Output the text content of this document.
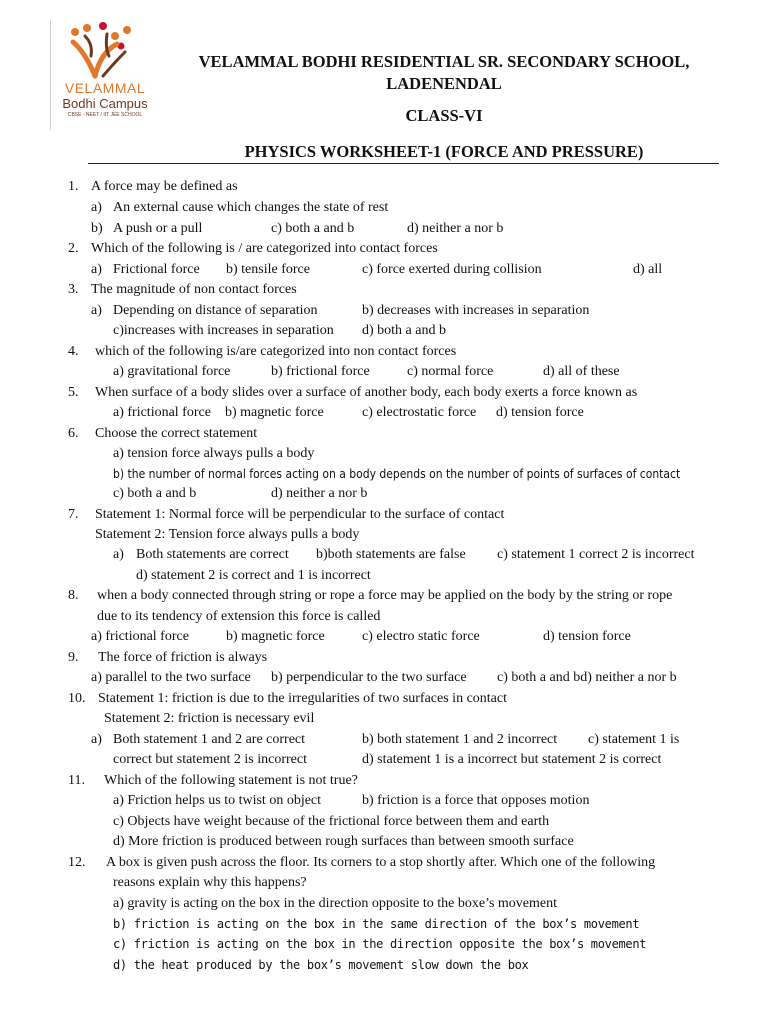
VELAMMAL
Bodhi Campus
CBSE - NEET / IIT JEE SCHOOL
VELAMMAL BODHI RESIDENTIAL SR. SECONDARY SCHOOL,
LADENENDAL
CLASS-VI
PHYSICS WORKSHEET-1 (FORCE AND PRESSURE)
1. A force may be defined as
a) An external cause which changes the state of rest
b) A push or a pull	c) both a and b	d) neither a nor b
2. Which of the following is / are categorized into contact forces
a) Frictional force b) tensile force	c) force exerted during collision	d) all
3. The magnitude of non contact forces
a) Depending on distance of separation	b) decreases with increases in separation
c)increases with increases in separation d) both a and b
4. which of the following is/are categorized into non contact forces
a) gravitational force	b) frictional force	c) normal force	d) all of these
5. When surface of a body slides over a surface of another body, each body exerts a force known as
a) frictional force b) magnetic force	c) electrostatic force d) tension force
6. Choose the correct statement
a) tension force always pulls a body
b) the number of normal forces acting on a body depends on the number of points of surfaces of contact
c) both a and b	d) neither a nor b
7. Statement 1: Normal force will be perpendicular to the surface of contact
Statement 2: Tension force always pulls a body
a) Both statements are correct b)both statements are false c) statement 1 correct 2 is incorrect
d) statement 2 is correct and 1 is incorrect
8. when a body connected through string or rope a force may be applied on the body by the string or rope
due to its tendency of extension this force is called
a) frictional force	b) magnetic force	c) electro static force	d) tension force
9. The force of friction is always
a) parallel to the two surface b) perpendicular to the two surface c) both a and bd) neither a nor b
10. Statement 1: friction is due to the irregularities of two surfaces in contact
Statement 2: friction is necessary evil
a) Both statement 1 and 2 are correct	b) both statement 1 and 2 incorrect c) statement 1 is
correct but statement 2 is incorrect	d) statement 1 is a incorrect but statement 2 is correct
11. Which of the following statement is not true?
a) Friction helps us to twist on object	b) friction is a force that opposes motion
c) Objects have weight because of the frictional force between them and earth
d) More friction is produced between rough surfaces than between smooth surface
12. A box is given push across the floor. Its corners to a stop shortly after. Which one of the following
reasons explain why this happens?
a) gravity is acting on the box in the direction opposite to the boxe’s movement
b) friction is acting on the box in the same direction of the box’s movement
c) friction is acting on the box in the direction opposite the box’s movement
d) the heat produced by the box’s movement slow down the box
